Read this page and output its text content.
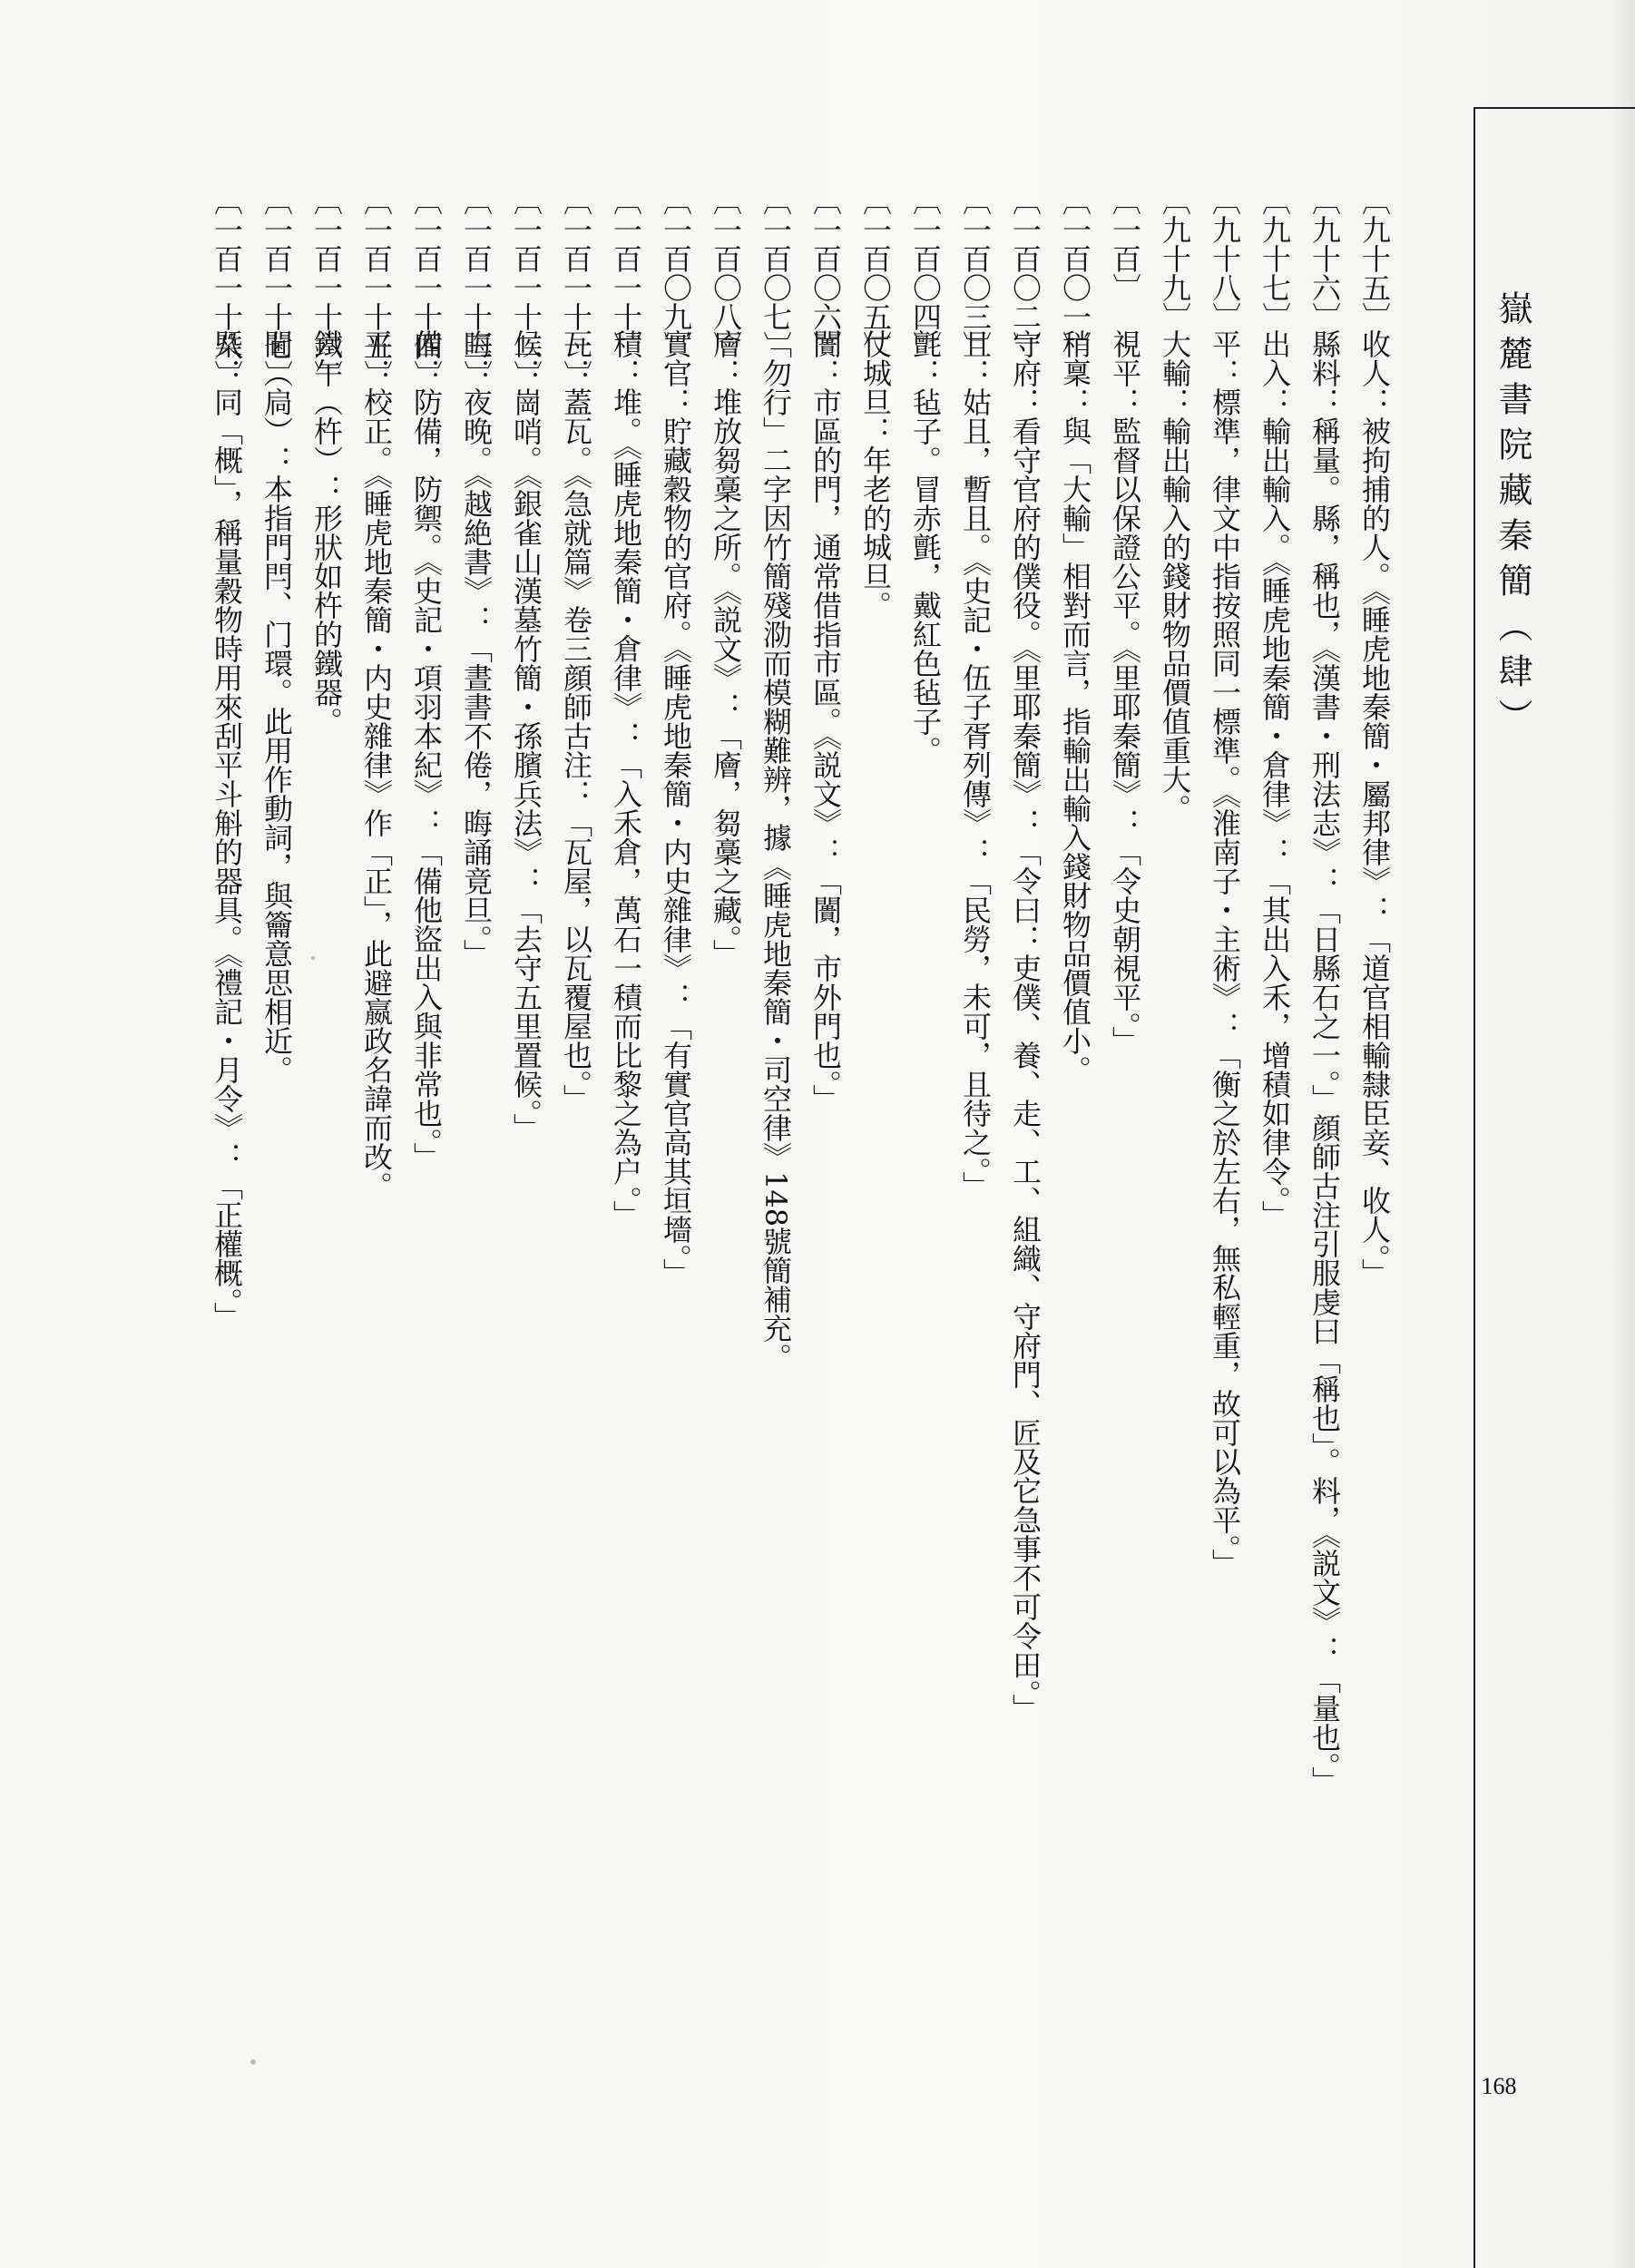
嶽麓書院藏秦簡（肆）
168
〔九十五〕收人：被拘捕的人。《睡虎地秦簡・屬邦律》：「道官相輸隸臣妾、收人。」
〔九十六〕縣料：稱量。縣，稱也，《漢書・刑法志》：「日縣石之一。」顔師古注引服虔曰「稱也」。料，《説文》：「量也。」
〔九十七〕出入：輸出輸入。《睡虎地秦簡・倉律》：「其出入禾，增積如律令。」
〔九十八〕平：標準，律文中指按照同一標準。《淮南子・主術》：「衡之於左右，無私輕重，故可以為平。」
〔九十九〕大輸：輸出輸入的錢財物品價值重大。
〔一百〕視平：監督以保證公平。《里耶秦簡》：「令史朝視平。」
〔一百〇一〕稍稟：與「大輸」相對而言，指輸出輸入錢財物品價值小。
〔一百〇二〕守府：看守官府的僕役。《里耶秦簡》：「令曰：吏僕、養、走、工、組織、守府門、匠及它急事不可令田。」
〔一百〇三〕且：姑且，暫且。《史記・伍子胥列傳》：「民勞，未可，且待之。」
〔一百〇四〕氈：毡子。冒赤氈，戴紅色毡子。
〔一百〇五〕仗城旦：年老的城旦。
〔一百〇六〕闠：市區的門，通常借指市區。《説文》：「闠，市外門也。」
〔一百〇七〕「勿行」二字因竹簡殘泐而模糊難辨，據《睡虎地秦簡・司空律》148號簡補充。
〔一百〇八〕廥：堆放芻稾之所。《説文》：「廥，芻稾之藏。」
〔一百〇九〕實官：貯藏穀物的官府。《睡虎地秦簡・内史雜律》：「有實官高其垣墻。」
〔一百一十〕積：堆。《睡虎地秦簡・倉律》：「入禾倉，萬石一積而比黎之為户。」
〔一百一十一〕瓦：蓋瓦。《急就篇》卷三顔師古注：「瓦屋，以瓦覆屋也。」
〔一百一十二〕候：崗哨。《銀雀山漢墓竹簡・孫臏兵法》：「去守五里置候。」
〔一百一十三〕晦：夜晚。《越絶書》：「晝書不倦，晦誦竟旦。」
〔一百一十四〕備：防備，防禦。《史記・項羽本紀》：「備他盜出入與非常也。」
〔一百一十五〕平：校正。《睡虎地秦簡・内史雜律》作「正」，此避嬴政名諱而改。
〔一百一十六〕鐵午（杵）：形狀如杵的鐵器。
〔一百一十七〕閫（扃）：本指門閂、门環。此用作動詞，與籥意思相近。
〔一百一十八〕槩：同「概」，稱量穀物時用來刮平斗斛的器具。《禮記・月令》：「正權概。」
